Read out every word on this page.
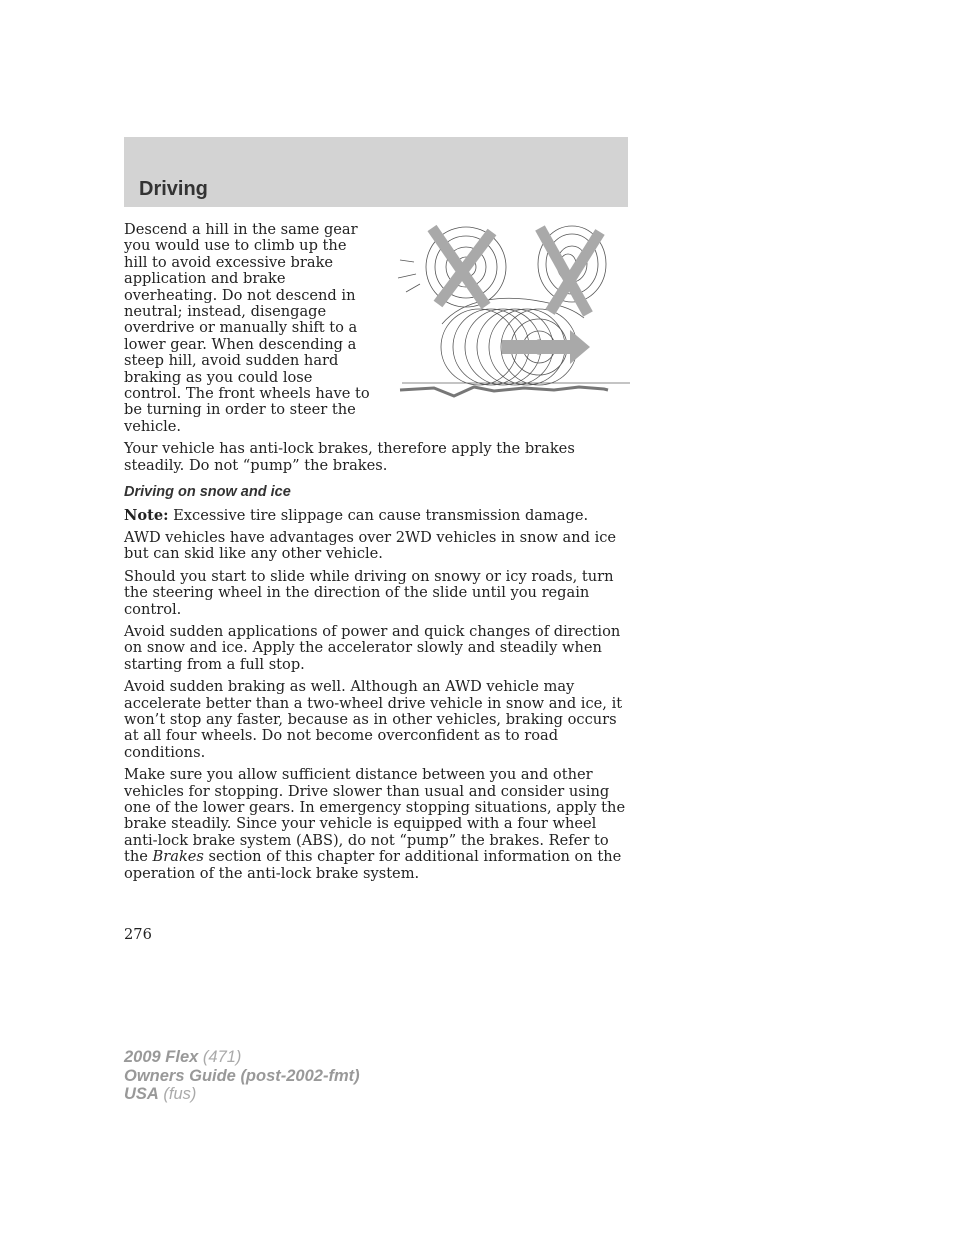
Driving

Descend a hill in the same gear you would use to climb up the hill to avoid excessive brake application and brake overheating. Do not descend in neutral; instead, disengage overdrive or manually shift to a lower gear. When descending a steep hill, avoid sudden hard braking as you could lose control. The front wheels have to be turning in order to steer the vehicle.

Your vehicle has anti-lock brakes, therefore apply the brakes steadily. Do not “pump” the brakes.

Driving on snow and ice

Note: Excessive tire slippage can cause transmission damage.

AWD vehicles have advantages over 2WD vehicles in snow and ice but can skid like any other vehicle.

Should you start to slide while driving on snowy or icy roads, turn the steering wheel in the direction of the slide until you regain control.

Avoid sudden applications of power and quick changes of direction on snow and ice. Apply the accelerator slowly and steadily when starting from a full stop.

Avoid sudden braking as well. Although an AWD vehicle may accelerate better than a two-wheel drive vehicle in snow and ice, it won’t stop any faster, because as in other vehicles, braking occurs at all four wheels. Do not become overconfident as to road conditions.

Make sure you allow sufficient distance between you and other vehicles for stopping. Drive slower than usual and consider using one of the lower gears. In emergency stopping situations, apply the brake steadily. Since your vehicle is equipped with a four wheel anti-lock brake system (ABS), do not “pump” the brakes. Refer to the Brakes section of this chapter for additional information on the operation of the anti-lock brake system.

276
2009 Flex (471)
Owners Guide (post-2002-fmt)
USA (fus)
